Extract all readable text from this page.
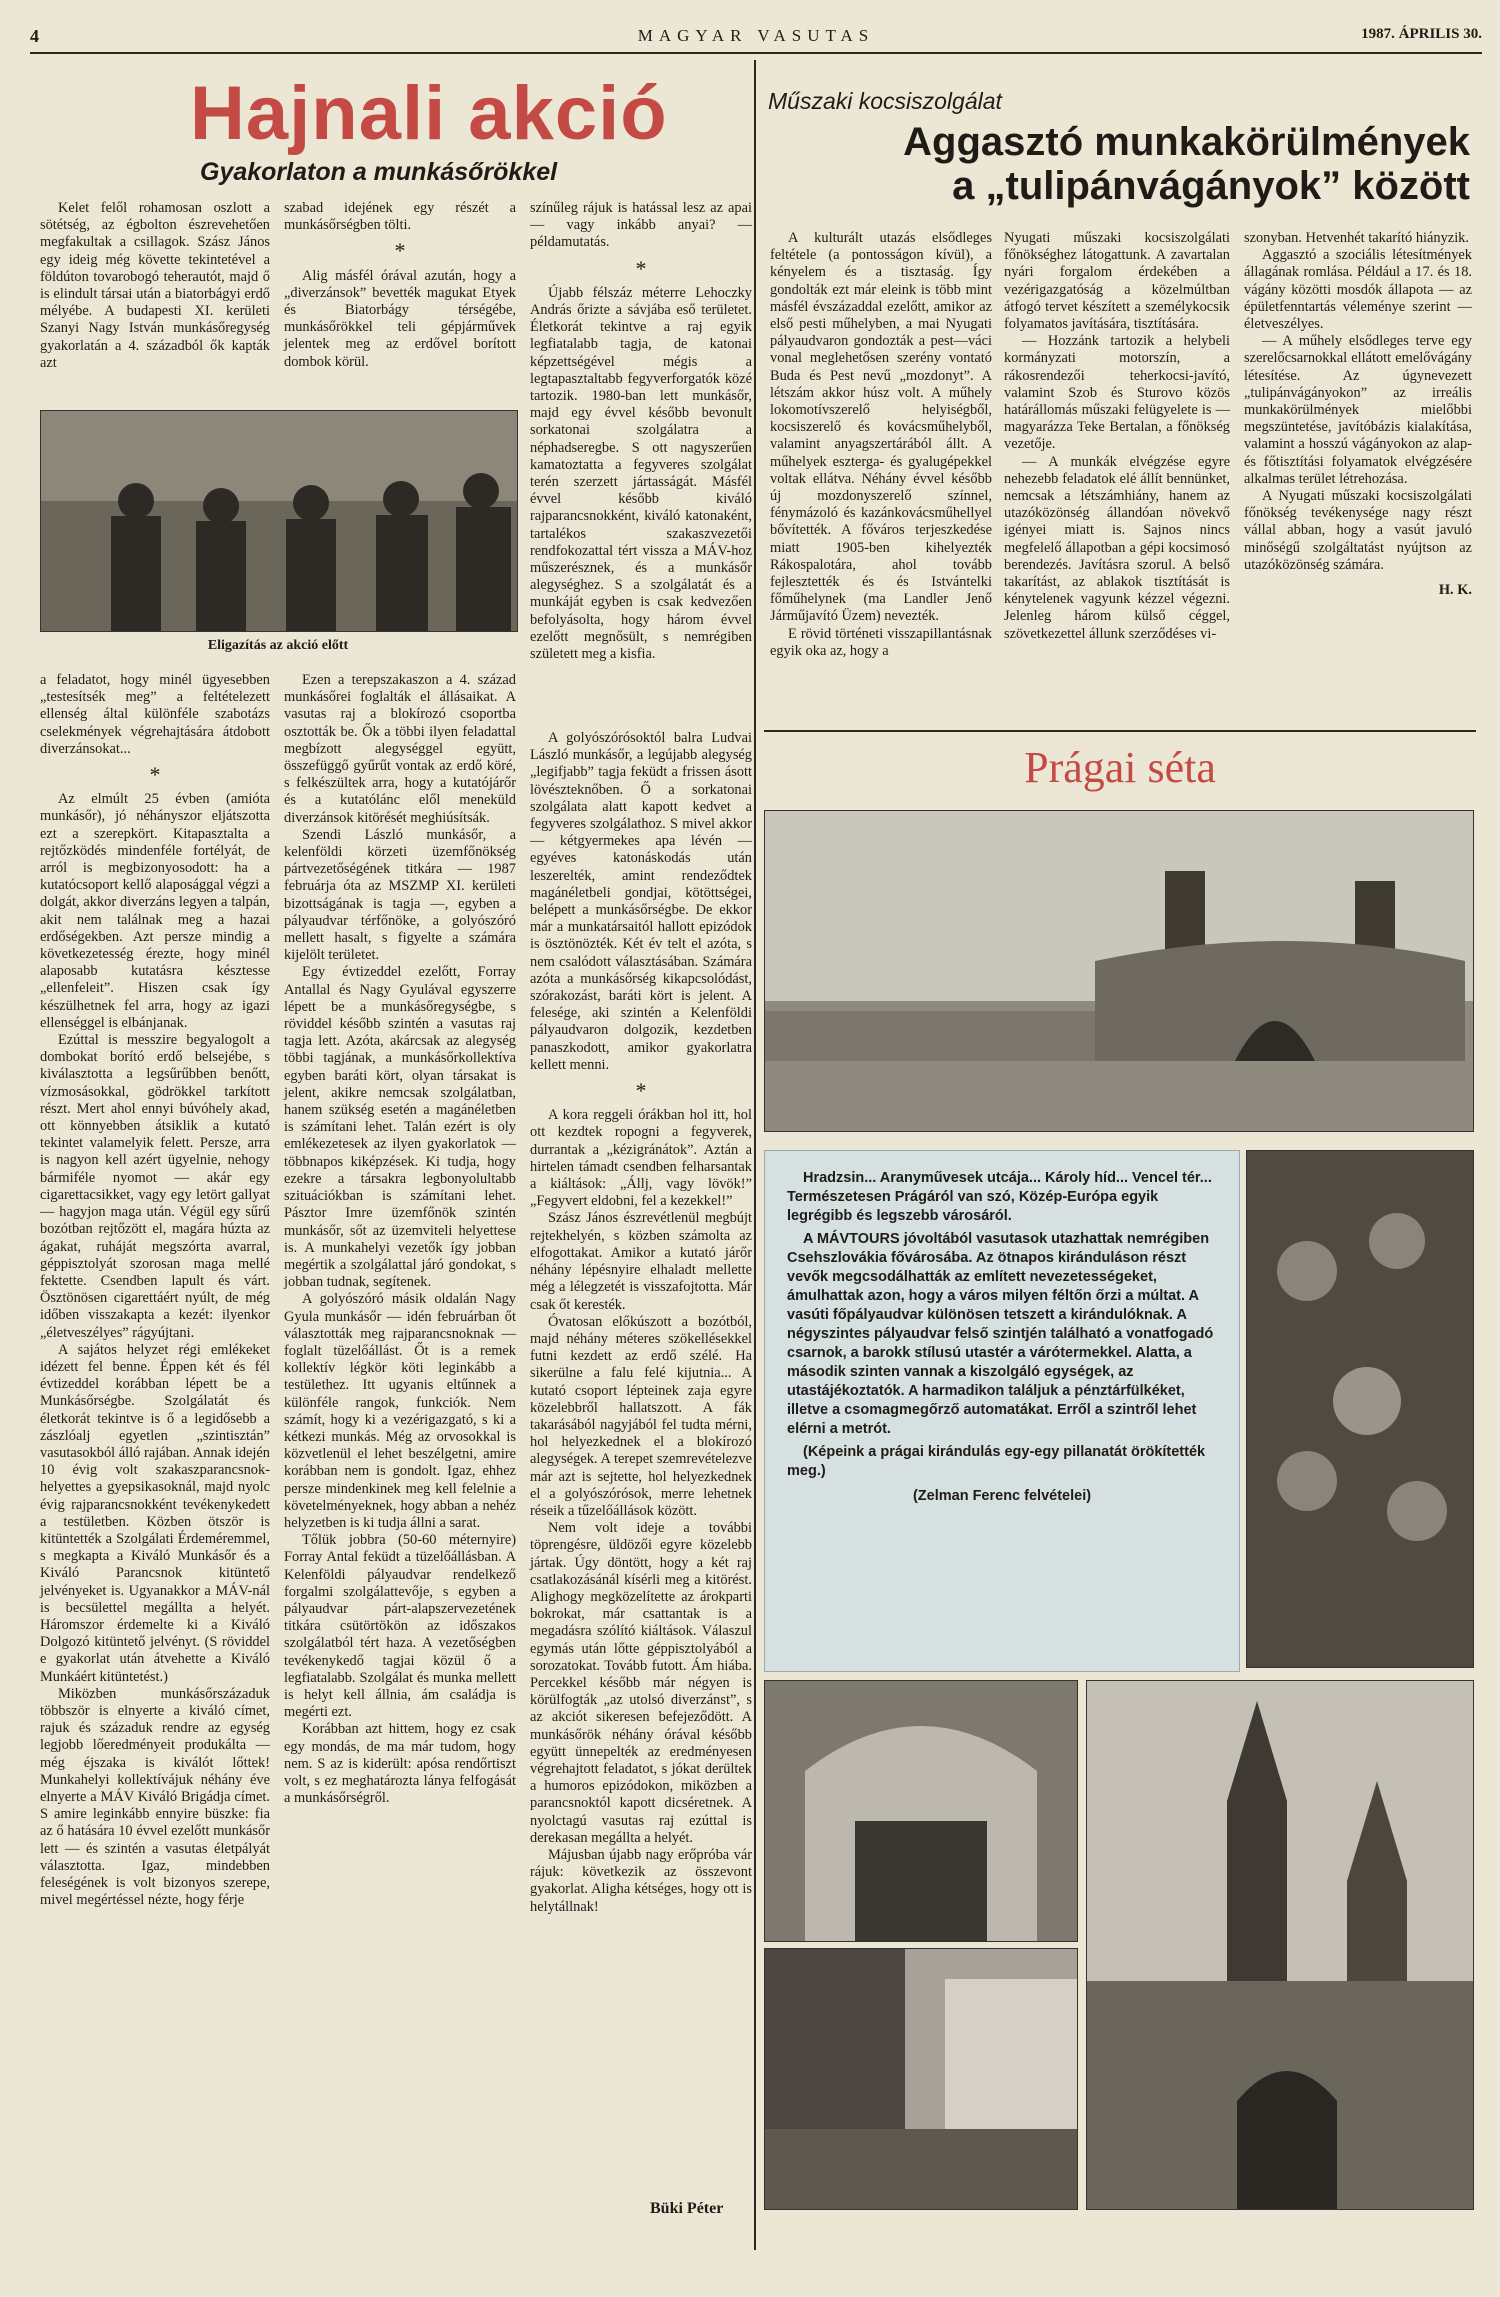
4	MAGYAR VASUTAS	1987. ÁPRILIS 30.
Hajnali akció
Gyakorlaton a munkásőrökkel

Kelet felől rohamosan oszlott a sötétség, az égbolton észrevehetően megfakultak a csillagok. Szász János egy ideig még követte tekintetével a földúton tovarobogó teherautót, majd ő is elindult társai után a biatorbágyi erdő mélyébe. A budapesti XI. kerületi Szanyi Nagy István munkásőregység gyakorlatán a 4. századból ők kapták azt

szabad idejének egy részét a munkásőrségben tölti.

*

Alig másfél órával azután, hogy a „diverzánsok” bevették magukat Etyek és Biatorbágy térségébe, munkásőrökkel teli gépjárművek jelentek meg az erdővel borított dombok körül.

Eligazítás az akció előtt

színűleg rájuk is hatással lesz az apai — vagy inkább anyai? — példamutatás.

*

Újabb félszáz méterre Lehoczky András őrizte a sávjába eső területet. Életkorát tekintve a raj egyik legfiatalabb tagja, de katonai képzettségével mégis a legtapasztaltabb fegyverforgatók közé tartozik. 1980-ban lett munkásőr, majd egy évvel később bevonult sorkatonai szolgálatra a néphadseregbe. S ott nagyszerűen kamatoztatta a fegyveres szolgálat terén szerzett jártasságát. Másfél évvel később kiváló rajparancsnokként, kiváló katonaként, tartalékos szakaszvezetői rendfokozattal tért vissza a MÁV-hoz műszerésznek, és a munkásőr alegységhez. S a szolgálatát és a munkáját egyben is csak kedvezően befolyásolta, hogy három évvel ezelőtt megnősült, s nemrégiben született meg a kisfia.

a feladatot, hogy minél ügyesebben „testesítsék meg” a feltételezett ellenség által különféle szabotázs cselekmények végrehajtására átdobott diverzánsokat...

*

Az elmúlt 25 évben (amióta munkásőr), jó néhányszor eljátszotta ezt a szerepkört. Kitapasztalta a rejtőzködés mindenféle fortélyát, de arról is megbizonyosodott: ha a kutatócsoport kellő alaposággal végzi a dolgát, akkor diverzáns legyen a talpán, akit nem találnak meg a hazai erdőségekben. Azt persze mindig a következetesség érezte, hogy minél alaposabb kutatásra késztesse „ellenfeleit”. Hiszen csak így készülhetnek fel arra, hogy az igazi ellenséggel is elbánjanak.

Ezúttal is messzire begyalogolt a dombokat borító erdő belsejébe, s kiválasztotta a legsűrűbben benőtt, vízmosásokkal, gödrökkel tarkított részt. Mert ahol ennyi búvóhely akad, ott könnyebben átsiklik a kutató tekintet valamelyik felett. Persze, arra is nagyon kell azért ügyelnie, nehogy bármiféle nyomot — akár egy cigarettacsikket, vagy egy letört gallyat — hagyjon maga után. Végül egy sűrű bozótban rejtőzött el, magára húzta az ágakat, ruháját megszórta avarral, géppisztolyát szorosan maga mellé fektette. Csendben lapult és várt. Ösztönösen cigarettáért nyúlt, de még időben visszakapta a kezét: ilyenkor „életveszélyes” rágyújtani.

A sajátos helyzet régi emlékeket idézett fel benne. Éppen két és fél évtizeddel korábban lépett be a Munkásőrségbe. Szolgálatát és életkorát tekintve is ő a legidősebb a zászlóalj egyetlen „szintisztán” vasutasokból álló rajában. Annak idején 10 évig volt szakaszparancsnok-helyettes a gyepsikasoknál, majd nyolc évig rajparancsnokként tevékenykedett a testületben. Közben ötször is kitüntették a Szolgálati Érdeméremmel, s megkapta a Kiváló Munkásőr és a Kiváló Parancsnok kitüntető jelvényeket is. Ugyanakkor a MÁV-nál is becsülettel megállta a helyét. Háromszor érdemelte ki a Kiváló Dolgozó kitüntető jelvényt. (S röviddel e gyakorlat után átvehette a Kiváló Munkáért kitüntetést.)

Miközben munkásőrszázaduk többször is elnyerte a kiváló címet, rajuk és századuk rendre az egység legjobb lőeredményeit produkálta — még éjszaka is kiválót lőttek! Munkahelyi kollektívájuk néhány éve elnyerte a MÁV Kiváló Brigádja címet. S amire leginkább ennyire büszke: fia az ő hatására 10 évvel ezelőtt munkásőr lett — és szintén a vasutas életpályát választotta. Igaz, mindebben feleségének is volt bizonyos szerepe, mivel megértéssel nézte, hogy férje

Ezen a terepszakaszon a 4. század munkásőrei foglalták el állásaikat. A vasutas raj a blokírozó csoportba osztották be. Ők a többi ilyen feladattal megbízott alegységgel együtt, összefüggő gyűrűt vontak az erdő köré, s felkészültek arra, hogy a kutatójárőr és a kutatólánc elől meneküld diverzánsok kitörését meghiúsítsák.

Szendi László munkásőr, a kelenföldi körzeti üzemfőnökség pártvezetőségének titkára — 1987 februárja óta az MSZMP XI. kerületi bizottságának is tagja —, egyben a pályaudvar térfőnöke, a golyószóró mellett hasalt, s figyelte a számára kijelölt területet.

Egy évtizeddel ezelőtt, Forray Antallal és Nagy Gyulával egyszerre lépett be a munkásőregységbe, s röviddel később szintén a vasutas raj tagja lett. Azóta, akárcsak az alegység többi tagjának, a munkásőrkollektíva egyben baráti kört, olyan társakat is jelent, akikre nemcsak szolgálatban, hanem szükség esetén a magánéletben is számítani lehet. Talán ezért is oly emlékezetesek az ilyen gyakorlatok — többnapos kiképzések. Ki tudja, hogy ezekre a társakra legbonyolultabb szituációkban is számítani lehet. Pásztor Imre üzemfőnök szintén munkásőr, sőt az üzemviteli helyettese is. A munkahelyi vezetők így jobban megértik a szolgálattal járó gondokat, s jobban tudnak, segítenek.

A golyószóró másik oldalán Nagy Gyula munkásőr — idén februárban őt választották meg rajparancsnoknak — foglalt tüzelőállást. Őt is a remek kollektív légkör köti leginkább a testülethez. Itt ugyanis eltűnnek a különféle rangok, funkciók. Nem számít, hogy ki a vezérigazgató, s ki a kétkezi munkás. Még az orvosokkal is közvetlenül el lehet beszélgetni, amire korábban nem is gondolt. Igaz, ehhez persze mindenkinek meg kell felelnie a követelményeknek, hogy abban a nehéz helyzetben is ki tudja állni a sarat.

Tőlük jobbra (50-60 méternyire) Forray Antal feküdt a tüzelőállásban. A Kelenföldi pályaudvar rendelkező forgalmi szolgálattevője, s egyben a pályaudvar párt-alapszervezetének titkára csütörtökön az időszakos szolgálatból tért haza. A vezetőségben tevékenykedő tagjai közül ő a legfiatalabb. Szolgálat és munka mellett is helyt kell állnia, ám családja is megérti ezt.

Korábban azt hittem, hogy ez csak egy mondás, de ma már tudom, hogy nem. S az is kiderült: apósa rendőrtiszt volt, s ez meghatározta lánya felfogását a munkásőrségről.

A golyószórósoktól balra Ludvai László munkásőr, a legújabb alegység „legifjabb” tagja feküdt a frissen ásott lövészteknőben. Ő a sorkatonai szolgálata alatt kapott kedvet a fegyveres szolgálathoz. S mivel akkor — kétgyermekes apa lévén — egyéves katonáskodás után leszerelték, amint rendeződtek magánéletbeli gondjai, kötöttségei, belépett a munkásőrségbe. De ekkor már a munkatársaitól hallott epizódok is ösztönözték. Két év telt el azóta, s nem csalódott választásában. Számára azóta a munkásőrség kikapcsolódást, szórakozást, baráti kört is jelent. A felesége, aki szintén a Kelenföldi pályaudvaron dolgozik, kezdetben panaszkodott, amikor gyakorlatra kellett menni.

*

A kora reggeli órákban hol itt, hol ott kezdtek ropogni a fegyverek, durrantak a „kézigránátok”. Aztán a hirtelen támadt csendben felharsantak a kiáltások: „Állj, vagy lövök!” „Fegyvert eldobni, fel a kezekkel!”

Szász János észrevétlenül megbújt rejtekhelyén, s közben számolta az elfogottakat. Amikor a kutató járőr néhány lépésnyire elhaladt mellette még a lélegzetét is visszafojtotta. Már csak őt keresték.

Óvatosan előkúszott a bozótból, majd néhány méteres szökellésekkel futni kezdett az erdő szélé. Ha sikerülne a falu felé kijutnia... A kutató csoport lépteinek zaja egyre közelebbről hallatszott. A fák takarásából nagyjából fel tudta mérni, hol helyezkednek el a blokírozó alegységek. A terepet szemrevételezve már azt is sejtette, hol helyezkednek el a golyószórósok, merre lehetnek réseik a tűzelőállások között.

Nem volt ideje a további töprengésre, üldözői egyre közelebb jártak. Úgy döntött, hogy a két raj csatlakozásánál kísérli meg a kitörést. Alighogy megközelítette az árokparti bokrokat, már csattantak is a megadásra szólító kiáltások. Válaszul egymás után lőtte géppisztolyából a sorozatokat. Tovább futott. Ám hiába. Percekkel később már négyen is körülfogták „az utolsó diverzánst”, s az akciót sikeresen befejeződött. A munkásőrök néhány órával később együtt ünnepelték az eredményesen végrehajtott feladatot, s jókat derültek a humoros epizódokon, miközben a parancsnoktól kapott dicséretnek. A nyolctagú vasutas raj ezúttal is derekasan megállta a helyét.

Májusban újabb nagy erőpróba vár rájuk: következik az összevont gyakorlat. Aligha kétséges, hogy ott is helytállnak!

Büki Péter
Műszaki kocsiszolgálat
Aggasztó munkakörülmények
a „tulipánvágányok” között

A kulturált utazás elsődleges feltétele (a pontosságon kívül), a kényelem és a tisztaság. Így gondolták ezt már eleink is több mint másfél évszázaddal ezelőtt, amikor az első pesti műhelyben, a mai Nyugati pályaudvaron gondozták a pest—váci vonal meglehetősen szerény vontató Buda és Pest nevű „mozdonyt”. A létszám akkor húsz volt. A műhely lokomotívszerelő helyiségből, kocsiszerelő és kovácsműhelyből, valamint anyagszertárából állt. A műhelyek eszterga- és gyalugépekkel voltak ellátva. Néhány évvel később új mozdonyszerelő színnel, fénymázoló és kazánkovácsműhellyel bővítették. A főváros terjeszkedése miatt 1905-ben kihelyezték Rákospalotára, ahol tovább fejlesztették és és Istvántelki főműhelynek (ma Landler Jenő Járműjavító Üzem) nevezték.

E rövid történeti visszapillantásnak egyik oka az, hogy a

Nyugati műszaki kocsiszolgálati főnökséghez látogattunk. A zavartalan nyári forgalom érdekében a vezérigazgatóság a közelmúltban átfogó tervet készített a személykocsik folyamatos javítására, tisztítására.

— Hozzánk tartozik a helybeli kormányzati motorszín, a rákosrendezői teherkocsi-javító, valamint Szob és Sturovo közös határállomás műszaki felügyelete is — magyarázza Teke Bertalan, a főnökség vezetője.

— A munkák elvégzése egyre nehezebb feladatok elé állít bennünket, nemcsak a létszámhiány, hanem az utazóközönség állandóan növekvő igényei miatt is. Sajnos nincs megfelelő állapotban a gépi kocsimosó berendezés. Javításra szorul. A belső takarítást, az ablakok tisztítását is kénytelenek vagyunk kézzel végezni. Jelenleg három külső céggel, szövetkezettel állunk szerződéses vi-

szonyban. Hetvenhét takarító hiányzik.

Aggasztó a szociális létesítmények állagának romlása. Például a 17. és 18. vágány közötti mosdók állapota — az épületfenntartás véleménye szerint — életveszélyes.

— A műhely elsődleges terve egy szerelőcsarnokkal ellátott emelővágány létesítése. Az úgynevezett „tulipánvágányokon” az irreális munkakörülmények mielőbbi megszüntetése, javítóbázis kialakítása, valamint a hosszú vágányokon az alap- és főtisztítási folyamatok elvégzésére alkalmas terület létrehozása.

A Nyugati műszaki kocsiszolgálati főnökség tevékenysége nagy részt vállal abban, hogy a vasút javuló minőségű szolgáltatást nyújtson az utazóközönség számára.

H. K.
Prágai séta

Hradzsin... Aranyművesek utcája... Károly híd... Vencel tér... Természetesen Prágáról van szó, Közép-Európa egyik legrégibb és legszebb városáról.

A MÁVTOURS jóvoltából vasutasok utazhattak nemrégiben Csehszlovákia fővárosába. Az ötnapos kiránduláson részt vevők megcsodálhatták az említett nevezetességeket, ámulhattak azon, hogy a város milyen féltőn őrzi a múltat. A vasúti főpályaudvar különösen tetszett a kirándulóknak. A négyszintes pályaudvar felső szintjén található a vonatfogadó csarnok, a barokk stílusú utastér a várótermekkel. Alatta, a második szinten vannak a kiszolgáló egységek, az utastájékoztatók. A harmadikon találjuk a pénztárfülkéket, illetve a csomagmegőrző automatákat. Erről a szintről lehet elérni a metrót.

(Képeink a prágai kirándulás egy-egy pillanatát örökítették meg.)

(Zelman Ferenc felvételei)
